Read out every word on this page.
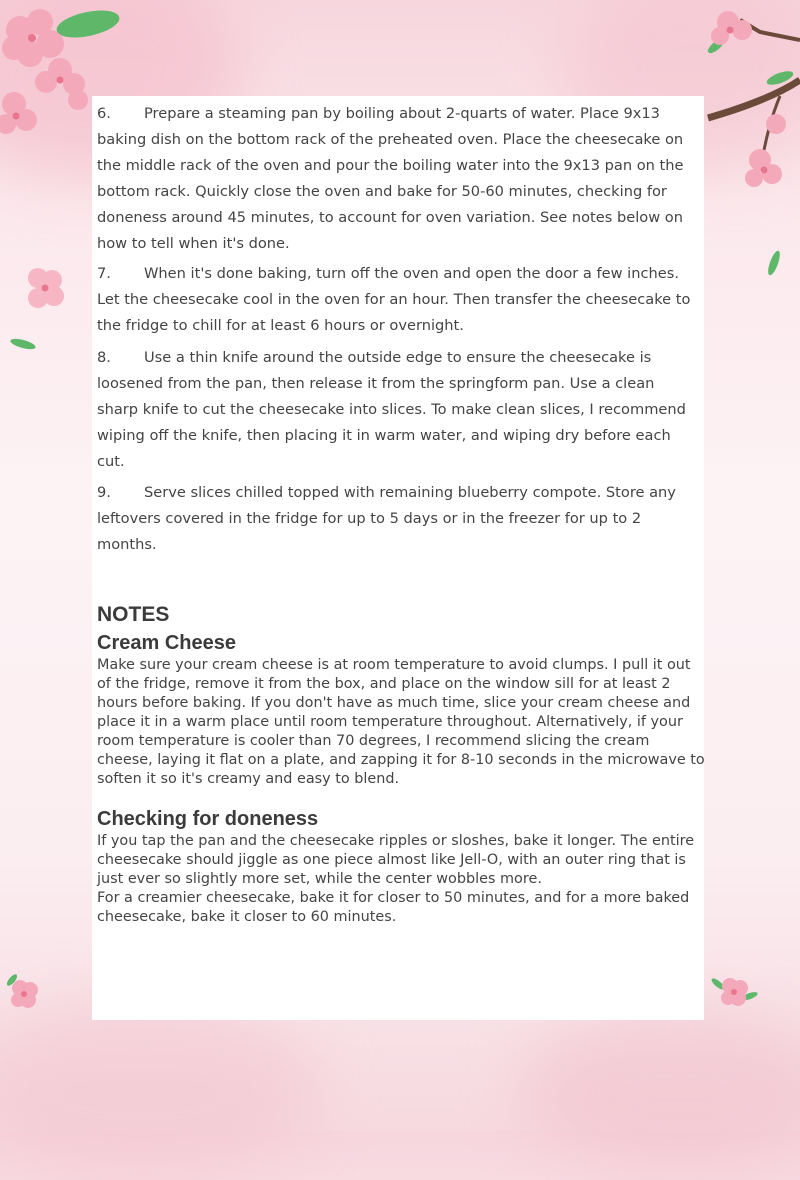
6. Prepare a steaming pan by boiling about 2-quarts of water. Place 9x13 baking dish on the bottom rack of the preheated oven. Place the cheesecake on the middle rack of the oven and pour the boiling water into the 9x13 pan on the bottom rack. Quickly close the oven and bake for 50-60 minutes, checking for doneness around 45 minutes, to account for oven variation. See notes below on how to tell when it's done.
7. When it's done baking, turn off the oven and open the door a few inches. Let the cheesecake cool in the oven for an hour. Then transfer the cheesecake to the fridge to chill for at least 6 hours or overnight.
8. Use a thin knife around the outside edge to ensure the cheesecake is loosened from the pan, then release it from the springform pan. Use a clean sharp knife to cut the cheesecake into slices. To make clean slices, I recommend wiping off the knife, then placing it in warm water, and wiping dry before each cut.
9. Serve slices chilled topped with remaining blueberry compote. Store any leftovers covered in the fridge for up to 5 days or in the freezer for up to 2 months.
NOTES
Cream Cheese
Make sure your cream cheese is at room temperature to avoid clumps. I pull it out of the fridge, remove it from the box, and place on the window sill for at least 2 hours before baking. If you don't have as much time, slice your cream cheese and place it in a warm place until room temperature throughout. Alternatively, if your room temperature is cooler than 70 degrees, I recommend slicing the cream cheese, laying it flat on a plate, and zapping it for 8-10 seconds in the microwave to soften it so it's creamy and easy to blend.
Checking for doneness
If you tap the pan and the cheesecake ripples or sloshes, bake it longer. The entire cheesecake should jiggle as one piece almost like Jell-O, with an outer ring that is just ever so slightly more set, while the center wobbles more.
For a creamier cheesecake, bake it for closer to 50 minutes, and for a more baked cheesecake, bake it closer to 60 minutes.
